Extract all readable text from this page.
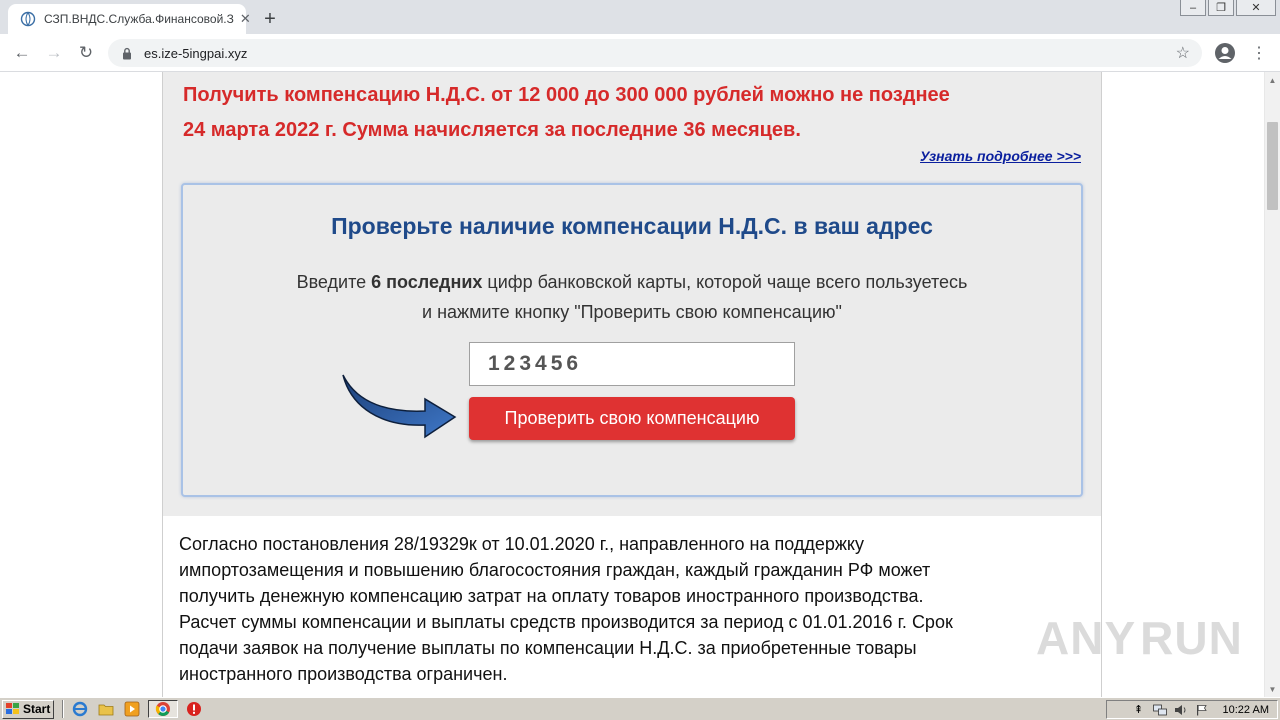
СЗП.ВНДС.Служба.Финансовой.З ✕ +	–	❐	✕
← → ↻	es.ize-5ingpai.xyz	☆	⋮
Получить компенсацию Н.Д.С. от 12 000 до 300 000 рублей можно не позднее
24 марта 2022 г. Сумма начисляется за последние 36 месяцев.
Узнать подробнее >>>
Проверьте наличие компенсации Н.Д.С. в ваш адрес
Введите 6 последних цифр банковской карты, которой чаще всего пользуетесь
и нажмите кнопку "Проверить свою компенсацию"
123456
Проверить свою компенсацию
Согласно постановления 28/19329к от 10.01.2020 г., направленного на поддержку
импортозамещения и повышению благосостояния граждан, каждый гражданин РФ может
получить денежную компенсацию затрат на оплату товаров иностранного производства.
Расчет суммы компенсации и выплаты средств производится за период с 01.01.2016 г. Срок
подачи заявок на получение выплаты по компенсации Н.Д.С. за приобретенные товары
иностранного производства ограничен.
▲
▼
ANY RUN
Start	⇞	10:22 AM
